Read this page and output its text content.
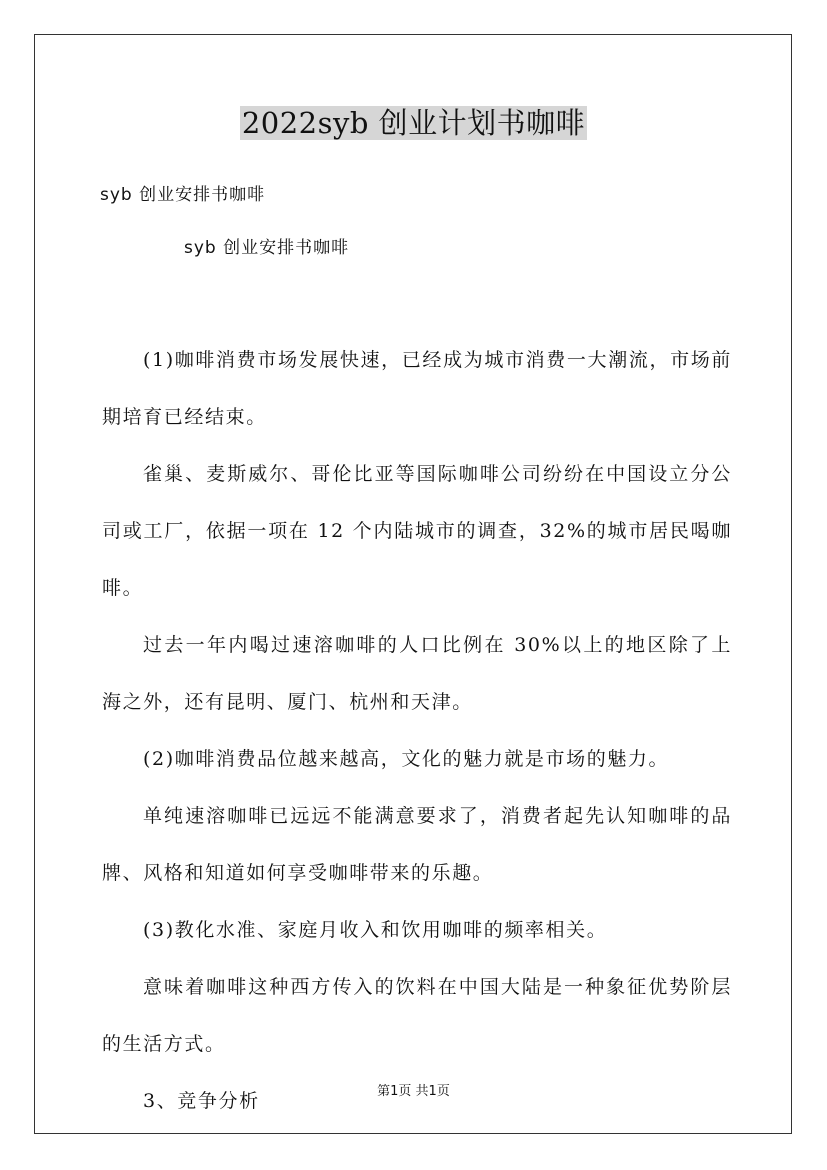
2022syb 创业计划书咖啡
syb 创业安排书咖啡
syb 创业安排书咖啡

(1)咖啡消费市场发展快速，已经成为城市消费一大潮流，市场前期培育已经结束。

雀巢、麦斯威尔、哥伦比亚等国际咖啡公司纷纷在中国设立分公司或工厂，依据一项在 12 个内陆城市的调查，32%的城市居民喝咖啡。

过去一年内喝过速溶咖啡的人口比例在 30%以上的地区除了上海之外，还有昆明、厦门、杭州和天津。

(2)咖啡消费品位越来越高，文化的魅力就是市场的魅力。

单纯速溶咖啡已远远不能满意要求了，消费者起先认知咖啡的品牌、风格和知道如何享受咖啡带来的乐趣。

(3)教化水准、家庭月收入和饮用咖啡的频率相关。

意味着咖啡这种西方传入的饮料在中国大陆是一种象征优势阶层的生活方式。

3、竞争分析	第1页 共1页
